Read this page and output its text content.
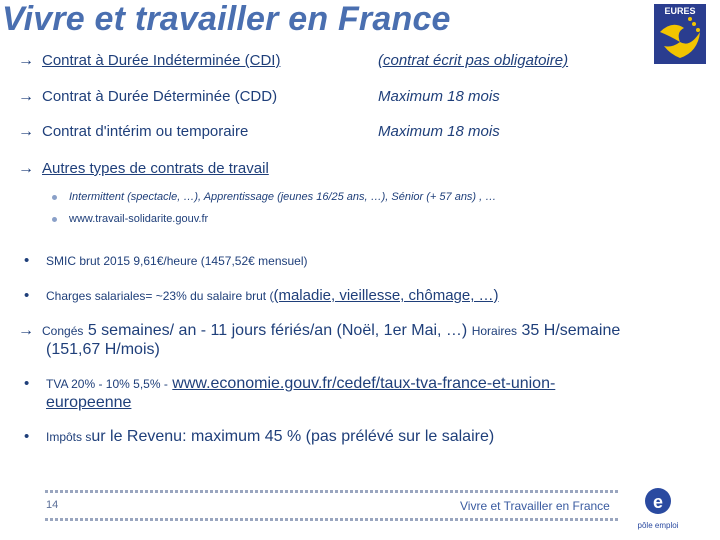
Vivre et travailler en France	EURES
→ Contrat à Durée Indéterminée (CDI)	(contrat écrit pas obligatoire)
→ Contrat à Durée Déterminée (CDD)	Maximum 18 mois
→ Contrat d'intérim ou temporaire	Maximum 18 mois
→ Autres types de contrats de travail
Intermittent (spectacle, …), Apprentissage (jeunes 16/25 ans, …), Sénior (+ 57 ans) , …
www.travail-solidarite.gouv.fr
• SMIC brut 2015 9,61€/heure (1457,52€ mensuel)
• Charges salariales= ~23% du salaire brut ((maladie, vieillesse, chômage, …)
→ Congés 5 semaines/ an - 11 jours fériés/an (Noël, 1er Mai, …) Horaires 35 H/semaine
(151,67 H/mois)
• TVA 20% - 10% 5,5% - www.economie.gouv.fr/cedef/taux-tva-france-et-union-
europeenne
• Impôts sur le Revenu: maximum 45 % (pas prélévé sur le salaire)
14	Vivre et Travailler en France e
pôle emploi
